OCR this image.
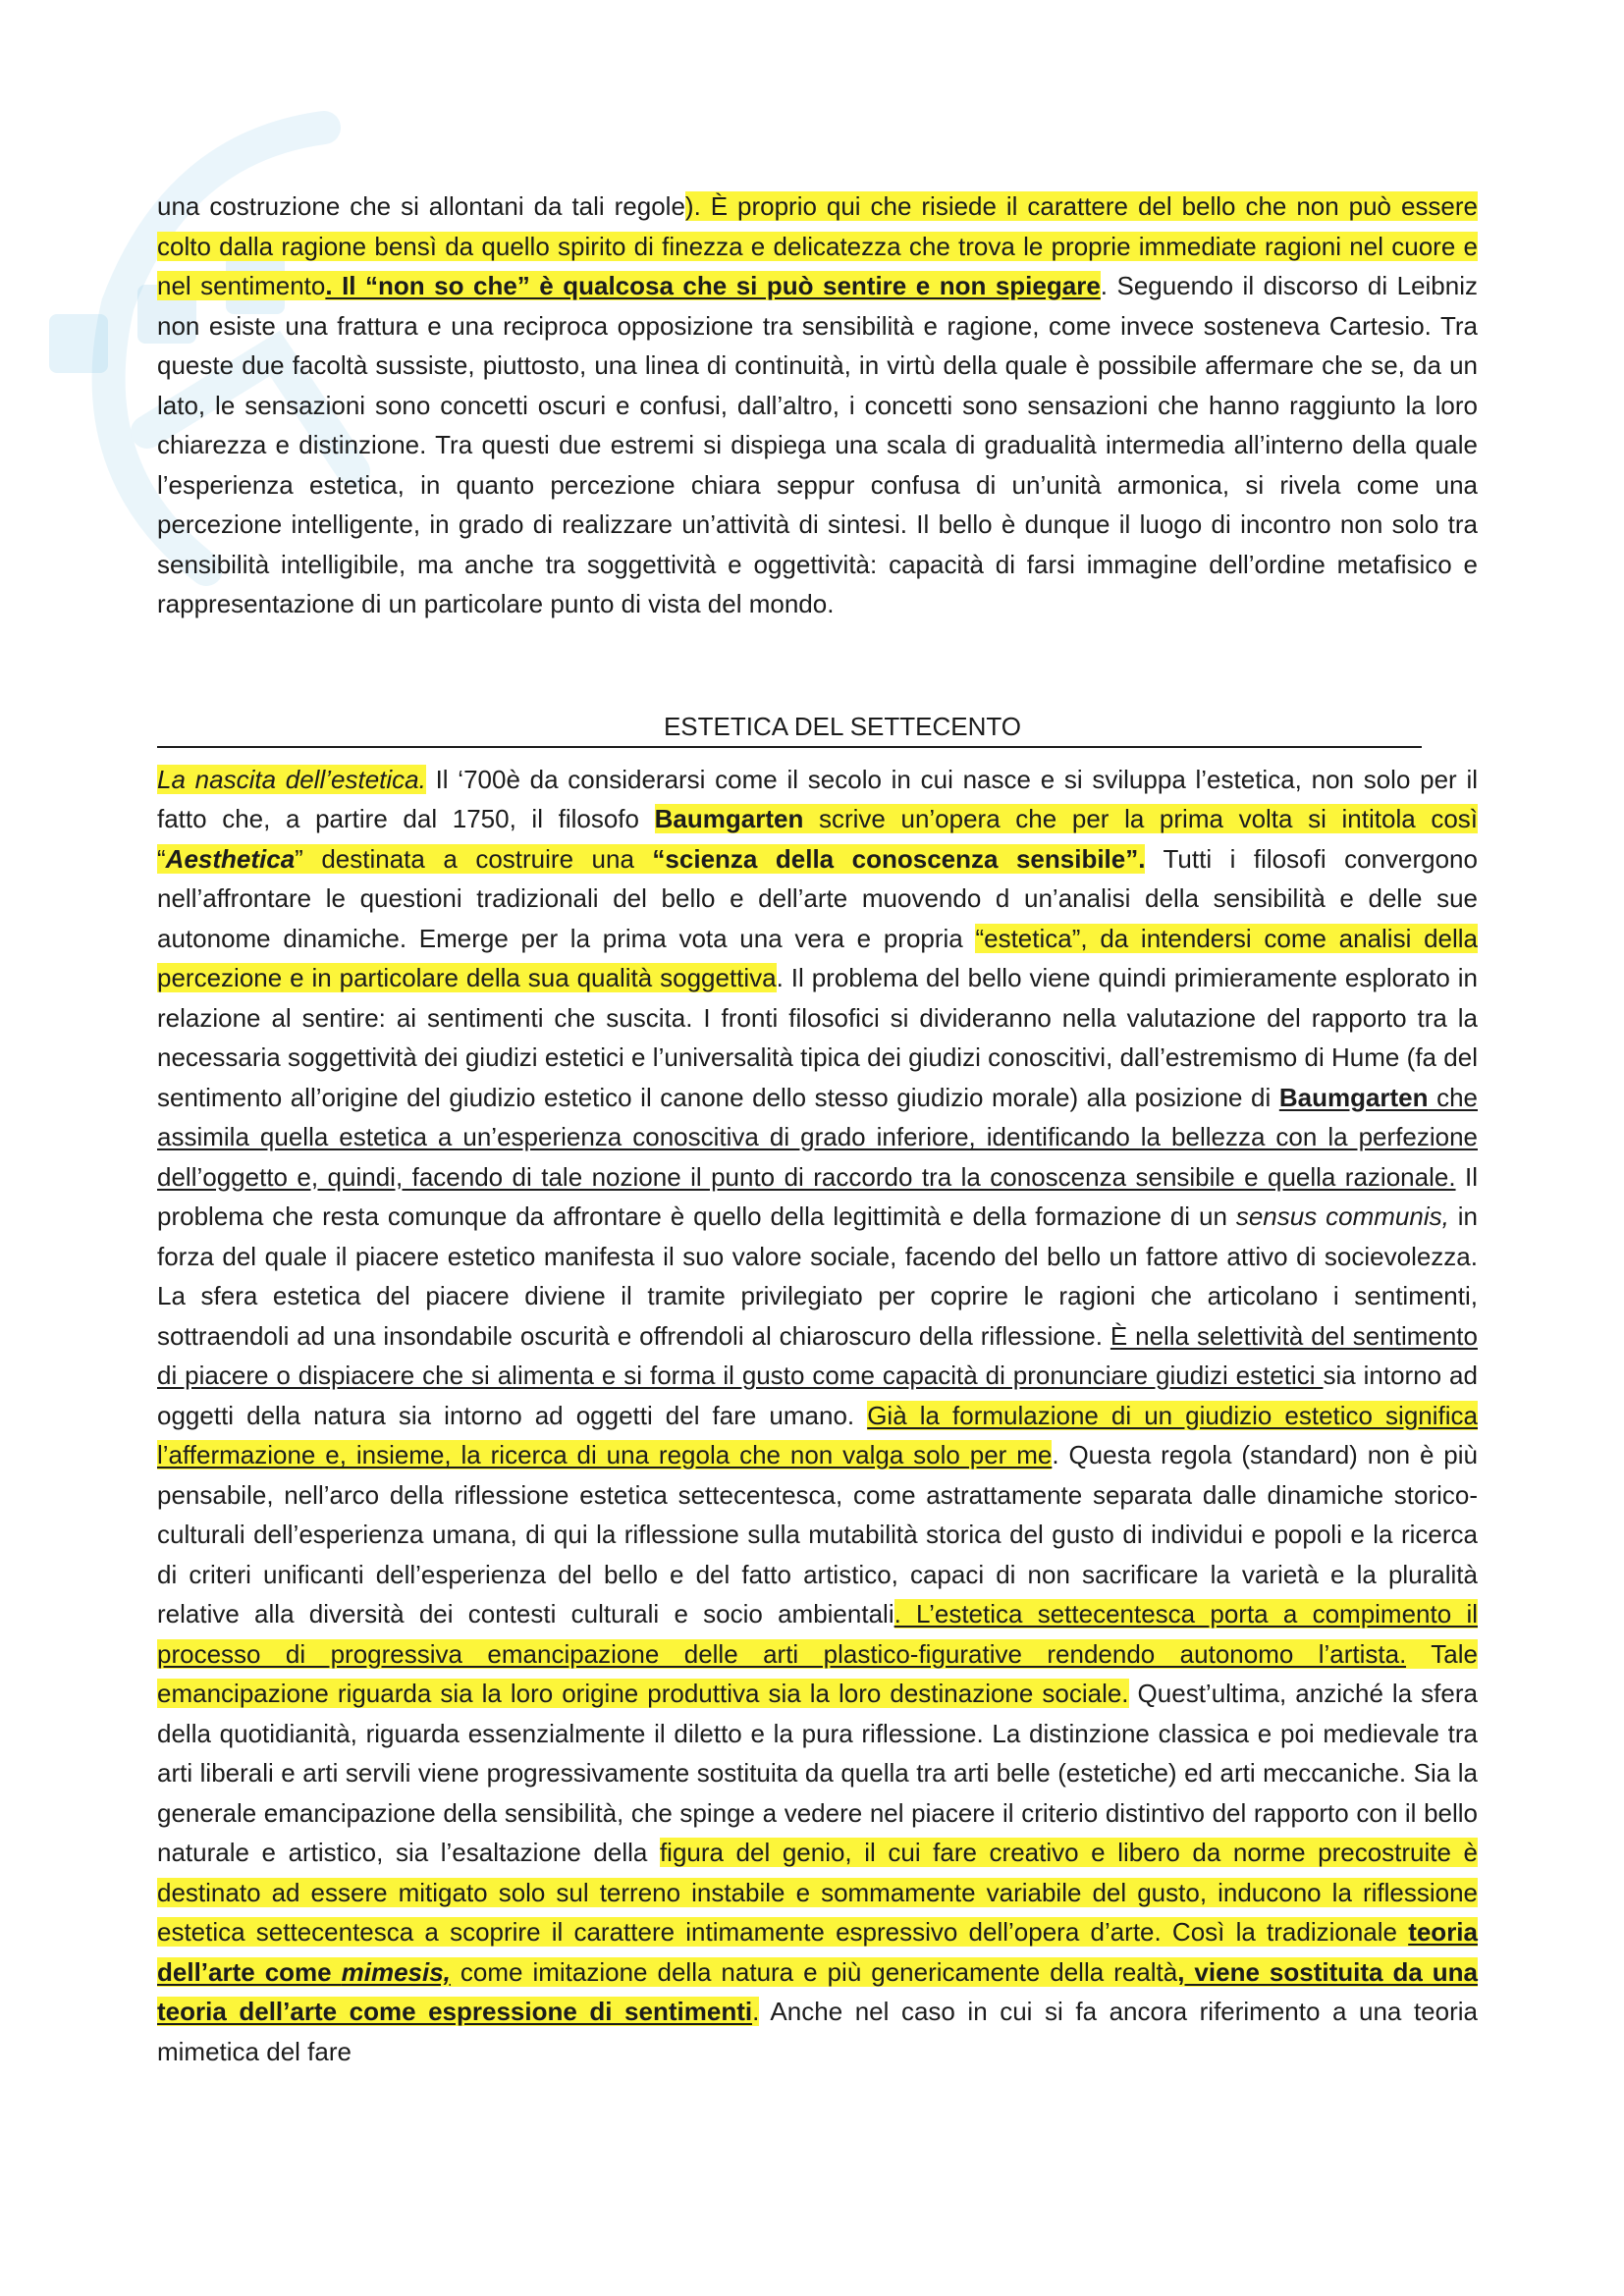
una costruzione che si allontani da tali regole). È proprio qui che risiede il carattere del bello che non può essere colto dalla ragione bensì da quello spirito di finezza e delicatezza che trova le proprie immediate ragioni nel cuore e nel sentimento. Il “non so che” è qualcosa che si può sentire e non spiegare. Seguendo il discorso di Leibniz non esiste una frattura e una reciproca opposizione tra sensibilità e ragione, come invece sosteneva Cartesio. Tra queste due facoltà sussiste, piuttosto, una linea di continuità, in virtù della quale è possibile affermare che se, da un lato, le sensazioni sono concetti oscuri e confusi, dall’altro, i concetti sono sensazioni che hanno raggiunto la loro chiarezza e distinzione. Tra questi due estremi si dispiega una scala di gradualità intermedia all’interno della quale l’esperienza estetica, in quanto percezione chiara seppur confusa di un’unità armonica, si rivela come una percezione intelligente, in grado di realizzare un’attività di sintesi. Il bello è dunque il luogo di incontro non solo tra sensibilità intelligibile, ma anche tra soggettività e oggettività: capacità di farsi immagine dell’ordine metafisico e rappresentazione di un particolare punto di vista del mondo.

ESTETICA DEL SETTECENTO

La nascita dell’estetica. Il ‘700è da considerarsi come il secolo in cui nasce e si sviluppa l’estetica, non solo per il fatto che, a partire dal 1750, il filosofo Baumgarten scrive un’opera che per la prima volta si intitola così “Aesthetica” destinata a costruire una “scienza della conoscenza sensibile”. Tutti i filosofi convergono nell’affrontare le questioni tradizionali del bello e dell’arte muovendo d un’analisi della sensibilità e delle sue autonome dinamiche. Emerge per la prima vota una vera e propria “estetica”, da intendersi come analisi della percezione e in particolare della sua qualità soggettiva. Il problema del bello viene quindi primieramente esplorato in relazione al sentire: ai sentimenti che suscita. I fronti filosofici si divideranno nella valutazione del rapporto tra la necessaria soggettività dei giudizi estetici e l’universalità tipica dei giudizi conoscitivi, dall’estremismo di Hume (fa del sentimento all’origine del giudizio estetico il canone dello stesso giudizio morale) alla posizione di Baumgarten che assimila quella estetica a un’esperienza conoscitiva di grado inferiore, identificando la bellezza con la perfezione dell’oggetto e, quindi, facendo di tale nozione il punto di raccordo tra la conoscenza sensibile e quella razionale. Il problema che resta comunque da affrontare è quello della legittimità e della formazione di un sensus communis, in forza del quale il piacere estetico manifesta il suo valore sociale, facendo del bello un fattore attivo di socievolezza. La sfera estetica del piacere diviene il tramite privilegiato per coprire le ragioni che articolano i sentimenti, sottraendoli ad una insondabile oscurità e offrendoli al chiaroscuro della riflessione. È nella selettività del sentimento di piacere o dispiacere che si alimenta e si forma il gusto come capacità di pronunciare giudizi estetici sia intorno ad oggetti della natura sia intorno ad oggetti del fare umano. Già la formulazione di un giudizio estetico significa l’affermazione e, insieme, la ricerca di una regola che non valga solo per me. Questa regola (standard) non è più pensabile, nell’arco della riflessione estetica settecentesca, come astrattamente separata dalle dinamiche storico-culturali dell’esperienza umana, di qui la riflessione sulla mutabilità storica del gusto di individui e popoli e la ricerca di criteri unificanti dell’esperienza del bello e del fatto artistico, capaci di non sacrificare la varietà e la pluralità relative alla diversità dei contesti culturali e socio ambientali. L’estetica settecentesca porta a compimento il processo di progressiva emancipazione delle arti plastico-figurative rendendo autonomo l’artista. Tale emancipazione riguarda sia la loro origine produttiva sia la loro destinazione sociale. Quest’ultima, anziché la sfera della quotidianità, riguarda essenzialmente il diletto e la pura riflessione. La distinzione classica e poi medievale tra arti liberali e arti servili viene progressivamente sostituita da quella tra arti belle (estetiche) ed arti meccaniche. Sia la generale emancipazione della sensibilità, che spinge a vedere nel piacere il criterio distintivo del rapporto con il bello naturale e artistico, sia l’esaltazione della figura del genio, il cui fare creativo e libero da norme precostruite è destinato ad essere mitigato solo sul terreno instabile e sommamente variabile del gusto, inducono la riflessione estetica settecentesca a scoprire il carattere intimamente espressivo dell’opera d’arte. Così la tradizionale teoria dell’arte come mimesis, come imitazione della natura e più genericamente della realtà, viene sostituita da una teoria dell’arte come espressione di sentimenti. Anche nel caso in cui si fa ancora riferimento a una teoria mimetica del fare
